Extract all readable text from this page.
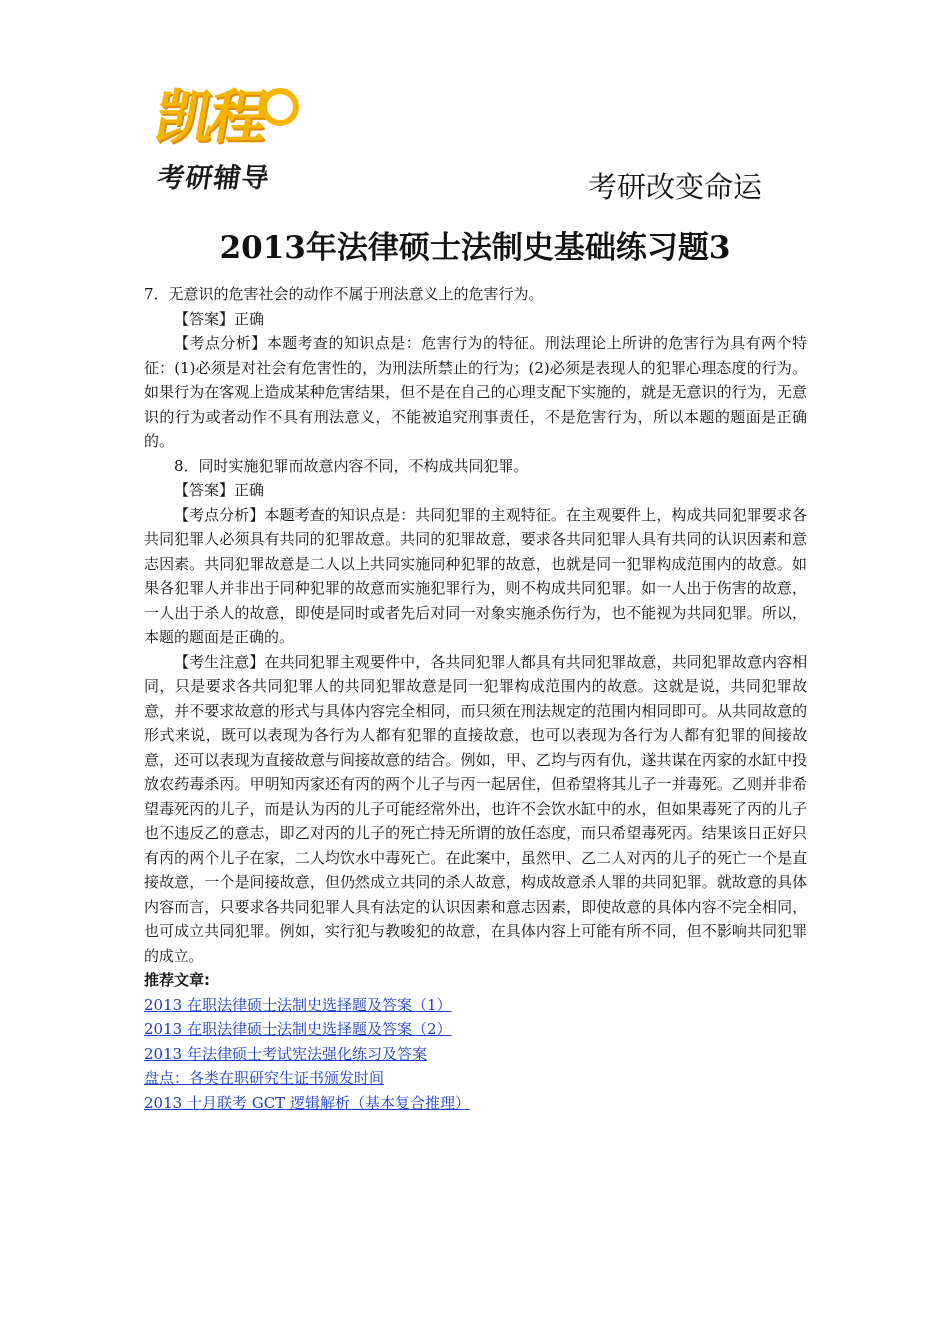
凯程
考研辅导	考研改变命运
2013年法律硕士法制史基础练习题3

7．无意识的危害社会的动作不属于刑法意义上的危害行为。

【答案】正确

【考点分析】本题考查的知识点是：危害行为的特征。刑法理论上所讲的危害行为具有两个特征：(1)必须是对社会有危害性的，为刑法所禁止的行为；(2)必须是表现人的犯罪心理态度的行为。如果行为在客观上造成某种危害结果，但不是在自己的心理支配下实施的，就是无意识的行为，无意识的行为或者动作不具有刑法意义，不能被追究刑事责任，不是危害行为，所以本题的题面是正确的。

8．同时实施犯罪而故意内容不同，不构成共同犯罪。

【答案】正确

【考点分析】本题考查的知识点是：共同犯罪的主观特征。在主观要件上，构成共同犯罪要求各共同犯罪人必须具有共同的犯罪故意。共同的犯罪故意，要求各共同犯罪人具有共同的认识因素和意志因素。共同犯罪故意是二人以上共同实施同种犯罪的故意，也就是同一犯罪构成范围内的故意。如果各犯罪人并非出于同种犯罪的故意而实施犯罪行为，则不构成共同犯罪。如一人出于伤害的故意，一人出于杀人的故意，即使是同时或者先后对同一对象实施杀伤行为，也不能视为共同犯罪。所以，本题的题面是正确的。

【考生注意】在共同犯罪主观要件中，各共同犯罪人都具有共同犯罪故意，共同犯罪故意内容相同，只是要求各共同犯罪人的共同犯罪故意是同一犯罪构成范围内的故意。这就是说，共同犯罪故意，并不要求故意的形式与具体内容完全相同，而只须在刑法规定的范围内相同即可。从共同故意的形式来说，既可以表现为各行为人都有犯罪的直接故意，也可以表现为各行为人都有犯罪的间接故意，还可以表现为直接故意与间接故意的结合。例如，甲、乙均与丙有仇，遂共谋在丙家的水缸中投放农药毒杀丙。甲明知丙家还有丙的两个儿子与丙一起居住，但希望将其儿子一并毒死。乙则并非希望毒死丙的儿子，而是认为丙的儿子可能经常外出，也许不会饮水缸中的水，但如果毒死了丙的儿子也不违反乙的意志，即乙对丙的儿子的死亡持无所谓的放任态度，而只希望毒死丙。结果该日正好只有丙的两个儿子在家，二人均饮水中毒死亡。在此案中，虽然甲、乙二人对丙的儿子的死亡一个是直接故意，一个是间接故意，但仍然成立共同的杀人故意，构成故意杀人罪的共同犯罪。就故意的具体内容而言，只要求各共同犯罪人具有法定的认识因素和意志因素，即使故意的具体内容不完全相同，也可成立共同犯罪。例如，实行犯与教唆犯的故意，在具体内容上可能有所不同，但不影响共同犯罪的成立。

推荐文章:

2013 在职法律硕士法制史选择题及答案（1）
2013 在职法律硕士法制史选择题及答案（2）
2013 年法律硕士考试宪法强化练习及答案
盘点：各类在职研究生证书颁发时间
2013 十月联考 GCT 逻辑解析（基本复合推理）
